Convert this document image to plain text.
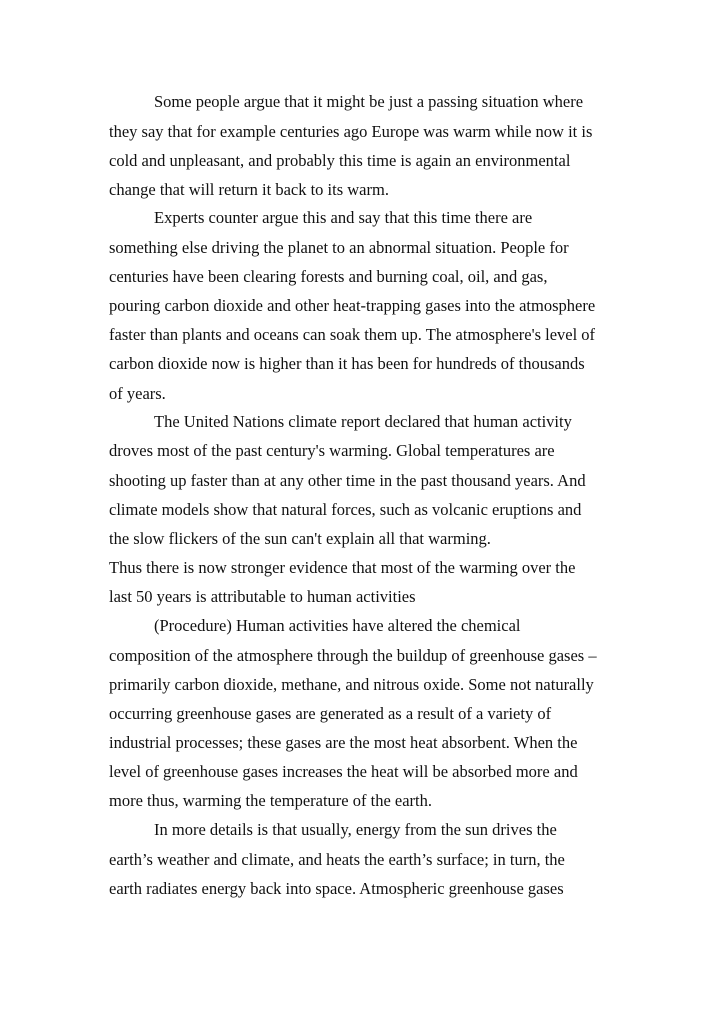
Some people argue that it might be just a passing situation where

they say that for example centuries ago Europe was warm while now it is

cold and unpleasant, and probably this time is again an environmental

change that will return it back to its warm.

Experts counter argue this and say that this time there are

something else driving the planet to an abnormal situation. People for

centuries have been clearing forests and burning coal, oil, and gas,

pouring carbon dioxide and other heat-trapping gases into the atmosphere

faster than plants and oceans can soak them up. The atmosphere's level of

carbon dioxide now is higher than it has been for hundreds of thousands

of years.

The United Nations climate report declared that human activity

droves most of the past century's warming. Global temperatures are

shooting up faster than at any other time in the past thousand years. And

climate models show that natural forces, such as volcanic eruptions and

the slow flickers of the sun can't explain all that warming.

Thus there is now stronger evidence that most of the warming over the

last 50 years is attributable to human activities

(Procedure) Human activities have altered the chemical

composition of the atmosphere through the buildup of greenhouse gases –

primarily carbon dioxide, methane, and nitrous oxide. Some not naturally

occurring greenhouse gases are generated as a result of a variety of

industrial processes; these gases are the most heat absorbent. When the

level of greenhouse gases increases the heat will be absorbed more and

more thus, warming the temperature of the earth.

In more details is that usually, energy from the sun drives the

earth’s weather and climate, and heats the earth’s surface; in turn, the

earth radiates energy back into space. Atmospheric greenhouse gases
